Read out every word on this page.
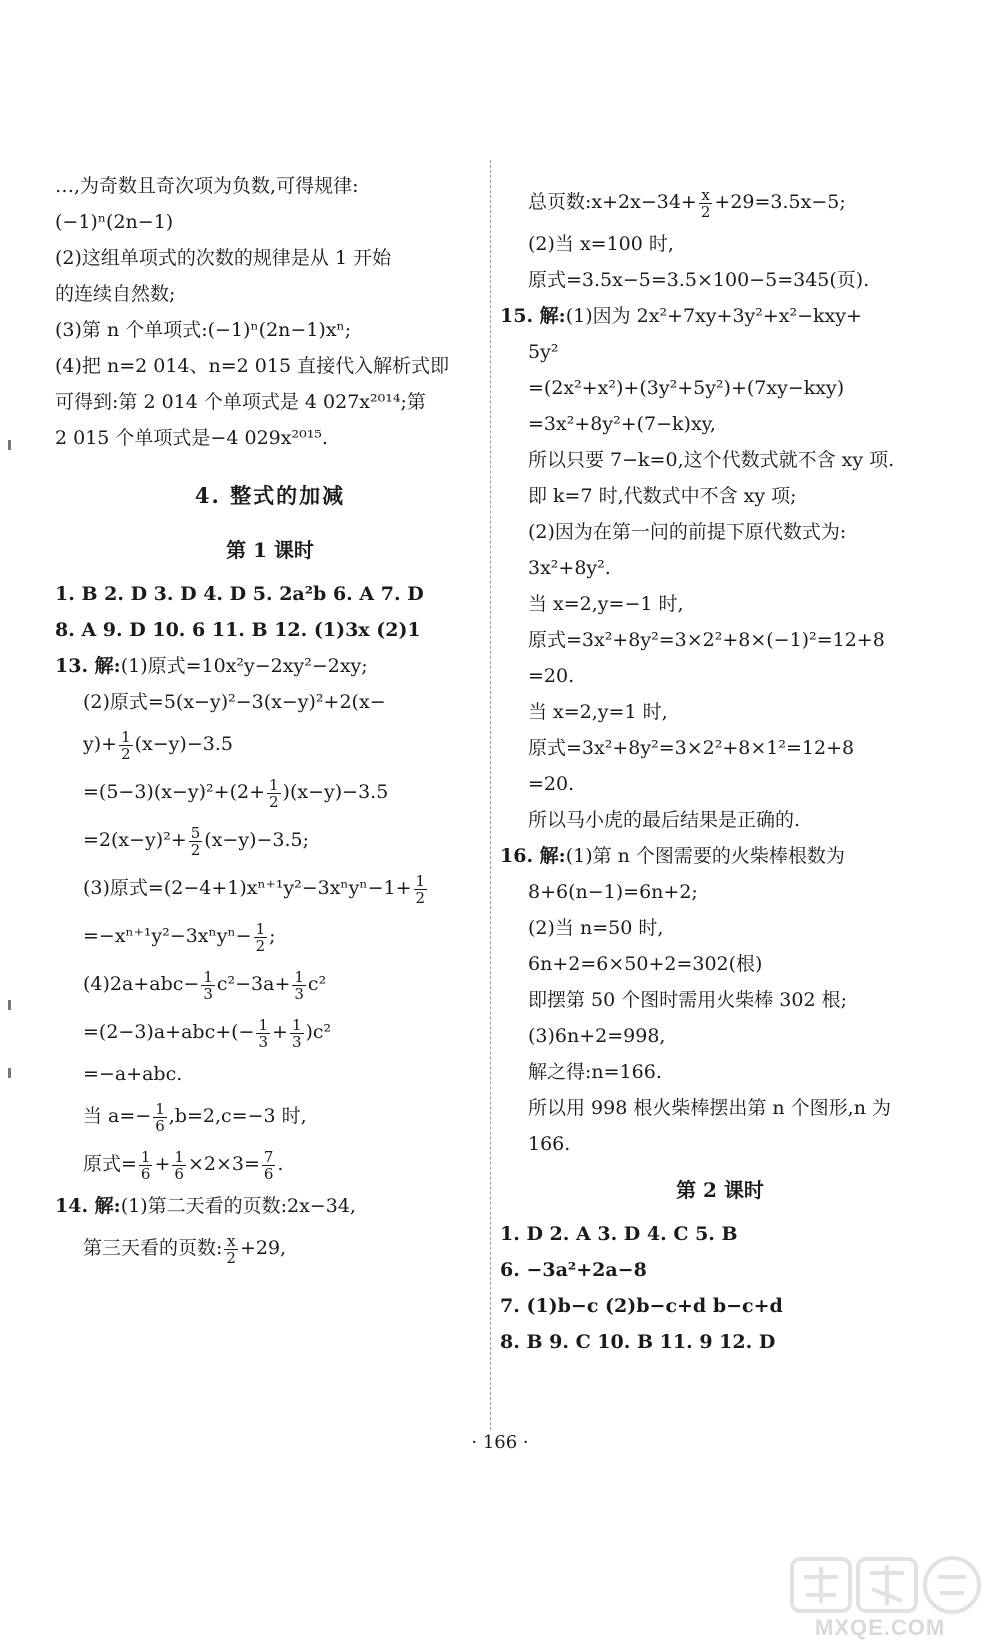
…,为奇数且奇次项为负数,可得规律:
(−1)ⁿ(2n−1)
(2)这组单项式的次数的规律是从 1 开始
的连续自然数;
(3)第 n 个单项式:(−1)ⁿ(2n−1)xⁿ;
(4)把 n=2 014、n=2 015 直接代入解析式即
可得到:第 2 014 个单项式是 4 027x²⁰¹⁴;第
2 015 个单项式是−4 029x²⁰¹⁵.
4. 整式的加减
第 1 课时
1. B 2. D 3. D 4. D 5. 2a²b 6. A 7. D
8. A 9. D 10. 6 11. B 12. (1)3x (2)1
13. 解:(1)原式=10x²y−2xy²−2xy;
(2)原式=5(x−y)²−3(x−y)²+2(x−
$y)+ \frac{1}{2} (x-y)-3.5$
$=(5-3)(x-y)^2+(2+ \frac{1}{2} )(x-y)-3.5$
$=2(x-y)^2+ \frac{5}{2} (x-y)-3.5$;
(3)原式$=(2-4+1)x^{n+1}y^2-3x^ny^n-1+ \frac{1}{2}$
$=-x^{n+1}y^2-3x^ny^n- \frac{1}{2}$ ;
$(4)2a+abc- \frac{1}{3} c^2-3a+ \frac{1}{3} c^2$
$=(2-3)a+abc+(- \frac{1}{3} + \frac{1}{3} )c^2$
=−a+abc.
当 $a=- \frac{1}{6} ,b=2,c=-3$ 时,
原式= $\frac{1}{6} + \frac{1}{6} \times 2\times 3= \frac{7}{6}$ .
14. 解:(1)第二天看的页数:2x−34,
第三天看的页数: $\frac{x}{2} +29$,
总页数:x+2x−34+ $\frac{x}{2} +29=3.5x-5$;
(2)当 x=100 时,
原式=3.5x−5=3.5×100−5=345(页).
15. 解:(1)因为 2x²+7xy+3y²+x²−kxy+
5y²
=(2x²+x²)+(3y²+5y²)+(7xy−kxy)
=3x²+8y²+(7−k)xy,
所以只要 7−k=0,这个代数式就不含 xy 项.
即 k=7 时,代数式中不含 xy 项;
(2)因为在第一问的前提下原代数式为:
3x²+8y².
当 x=2,y=−1 时,
原式=3x²+8y²=3×2²+8×(−1)²=12+8
=20.
当 x=2,y=1 时,
原式=3x²+8y²=3×2²+8×1²=12+8
=20.
所以马小虎的最后结果是正确的.
16. 解:(1)第 n 个图需要的火柴棒根数为
8+6(n−1)=6n+2;
(2)当 n=50 时,
6n+2=6×50+2=302(根)
即摆第 50 个图时需用火柴棒 302 根;
(3)6n+2=998,
解之得:n=166.
所以用 998 根火柴棒摆出第 n 个图形,n 为
166.
第 2 课时
1. D 2. A 3. D 4. C 5. B
6. −3a²+2a−8
7. (1)b−c (2)b−c+d b−c+d
8. B 9. C 10. B 11. 9 12. D
· 166 ·
MXQE.COM
